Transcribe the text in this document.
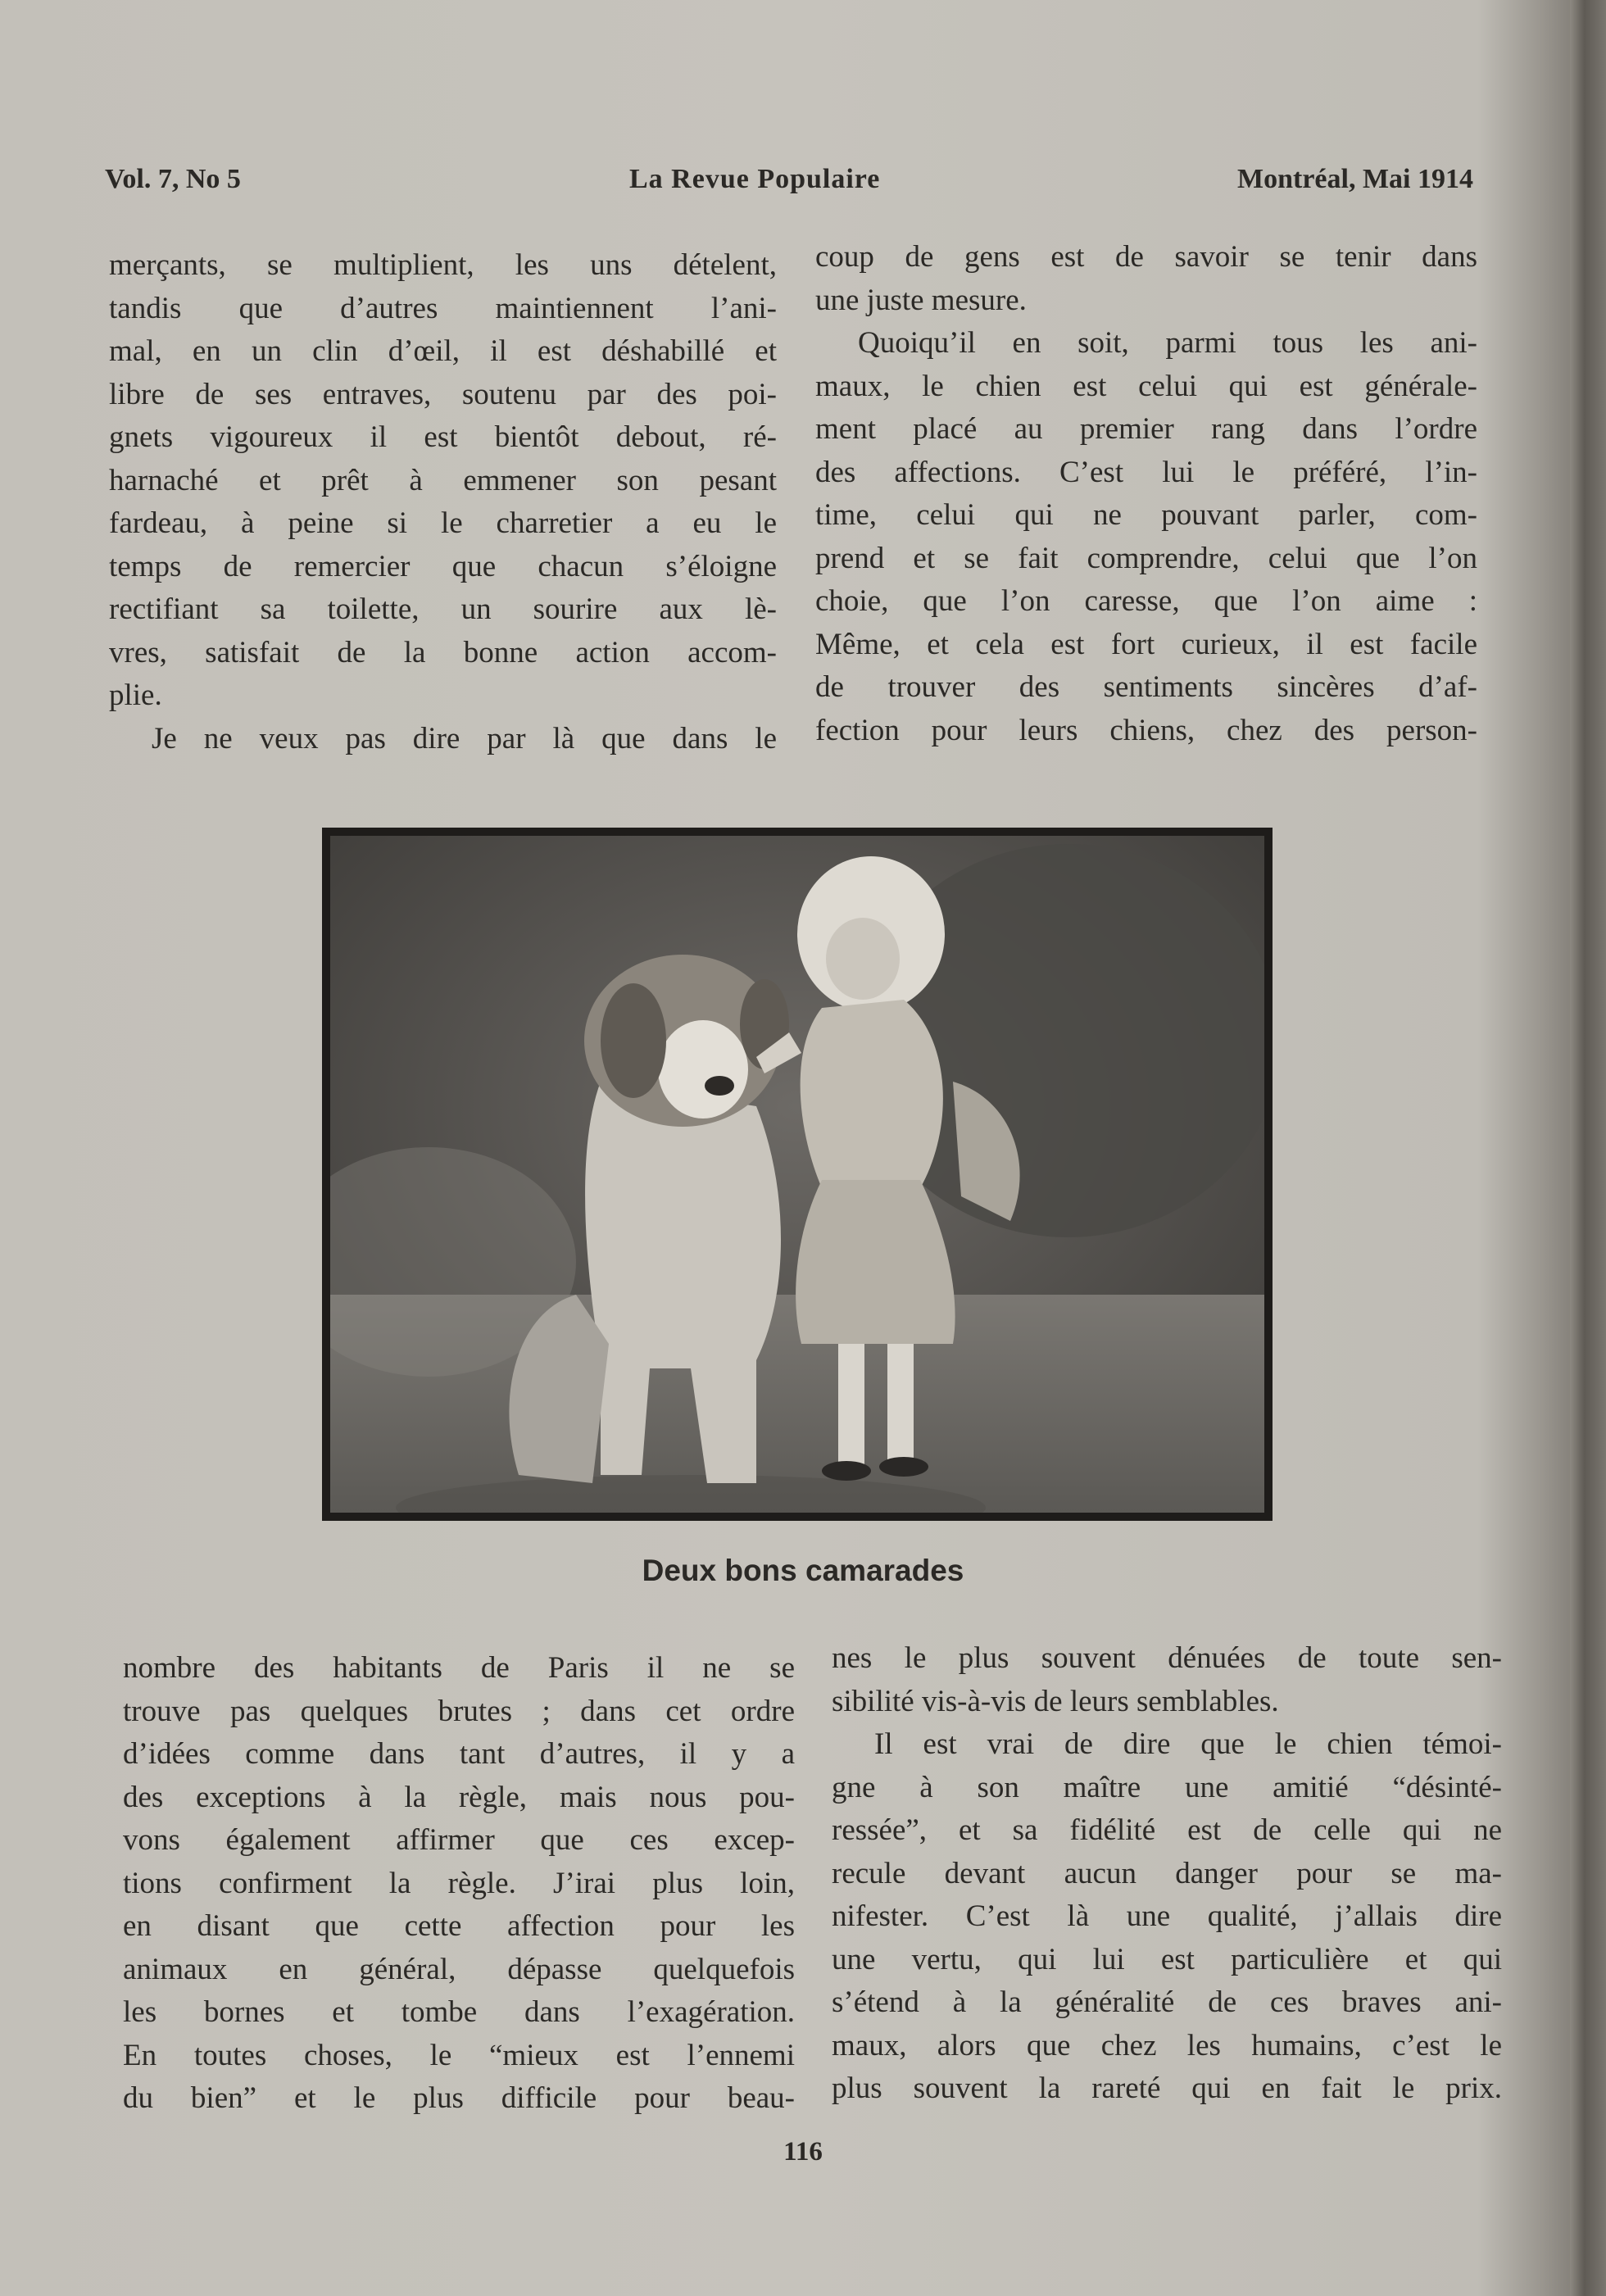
Vol. 7, No 5	La Revue Populaire	Montréal, Mai 1914
merçants, se multiplient, les uns dételent,
tandis que d’autres maintiennent l’ani-
mal, en un clin d’œil, il est déshabillé et
libre de ses entraves, soutenu par des poi-
gnets vigoureux il est bientôt debout, ré-
harnaché et prêt à emmener son pesant
fardeau, à peine si le charretier a eu le
temps de remercier que chacun s’éloigne
rectifiant sa toilette, un sourire aux lè-
vres, satisfait de la bonne action accom-
plie.
Je ne veux pas dire par là que dans le
coup de gens est de savoir se tenir dans
une juste mesure.
Quoiqu’il en soit, parmi tous les ani-
maux, le chien est celui qui est générale-
ment placé au premier rang dans l’ordre
des affections. C’est lui le préféré, l’in-
time, celui qui ne pouvant parler, com-
prend et se fait comprendre, celui que l’on
choie, que l’on caresse, que l’on aime :
Même, et cela est fort curieux, il est facile
de trouver des sentiments sincères d’af-
fection pour leurs chiens, chez des person-
Deux bons camarades
nombre des habitants de Paris il ne se
trouve pas quelques brutes ; dans cet ordre
d’idées comme dans tant d’autres, il y a
des exceptions à la règle, mais nous pou-
vons également affirmer que ces excep-
tions confirment la règle. J’irai plus loin,
en disant que cette affection pour les
animaux en général, dépasse quelquefois
les bornes et tombe dans l’exagération.
En toutes choses, le “mieux est l’ennemi
du bien” et le plus difficile pour beau-
nes le plus souvent dénuées de toute sen-
sibilité vis-à-vis de leurs semblables.
Il est vrai de dire que le chien témoi-
gne à son maître une amitié “désinté-
ressée”, et sa fidélité est de celle qui ne
recule devant aucun danger pour se ma-
nifester. C’est là une qualité, j’allais dire
une vertu, qui lui est particulière et qui
s’étend à la généralité de ces braves ani-
maux, alors que chez les humains, c’est le
plus souvent la rareté qui en fait le prix.
116
